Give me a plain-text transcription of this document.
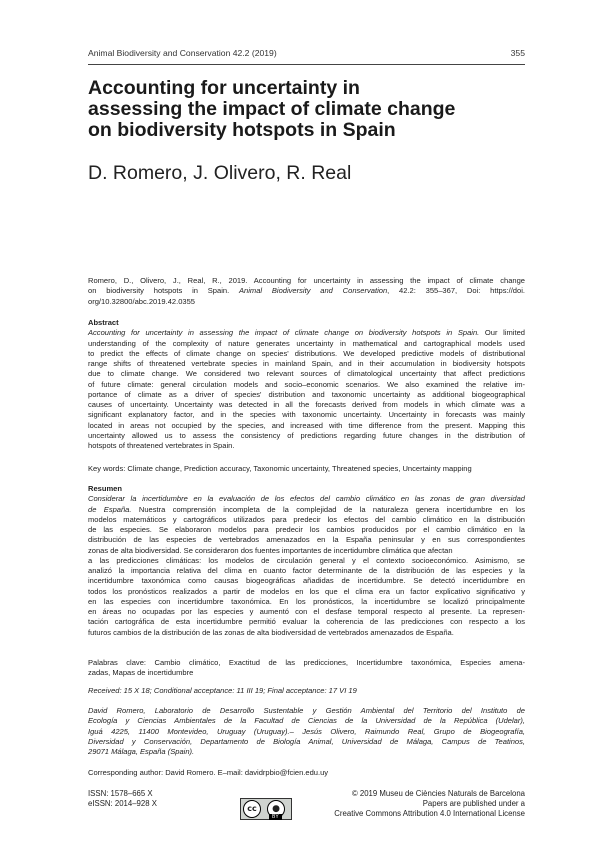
Animal Biodiversity and Conservation 42.2 (2019)	355
Accounting for uncertainty in
assessing the impact of climate change
on biodiversity hotspots in Spain

D. Romero, J. Olivero, R. Real

Romero, D., Olivero, J., Real, R., 2019. Accounting for uncertainty in assessing the impact of climate change
on biodiversity hotspots in Spain. Animal Biodiversity and Conservation, 42.2: 355–367, Doi: https://doi.
org/10.32800/abc.2019.42.0355
Abstract
Accounting for uncertainty in assessing the impact of climate change on biodiversity hotspots in Spain. Our limited
understanding of the complexity of nature generates uncertainty in mathematical and cartographical models used
to predict the effects of climate change on species' distributions. We developed predictive models of distributional
range shifts of threatened vertebrate species in mainland Spain, and in their accumulation in biodiversity hotspots
due to climate change. We considered two relevant sources of climatological uncertainty that affect predictions
of future climate: general circulation models and socio–economic scenarios. We also examined the relative im-
portance of climate as a driver of species' distribution and taxonomic uncertainty as additional biogeographical
causes of uncertainty. Uncertainty was detected in all the forecasts derived from models in which climate was a
significant explanatory factor, and in the species with taxonomic uncertainty. Uncertainty in forecasts was mainly
located in areas not occupied by the species, and increased with time difference from the present. Mapping this
uncertainty allowed us to assess the consistency of predictions regarding future changes in the distribution of
hotspots of threatened vertebrates in Spain.
Key words: Climate change, Prediction accuracy, Taxonomic uncertainty, Threatened species, Uncertainty mapping
Resumen
Considerar la incertidumbre en la evaluación de los efectos del cambio climático en las zonas de gran diversidad
de España. Nuestra comprensión incompleta de la complejidad de la naturaleza genera incertidumbre en los
modelos matemáticos y cartográficos utilizados para predecir los efectos del cambio climático en la distribución
de las especies. Se elaboraron modelos para predecir los cambios producidos por el cambio climático en la
distribución de las especies de vertebrados amenazados en la España peninsular y en sus correspondientes
zonas de alta biodiversidad. Se consideraron dos fuentes importantes de incertidumbre climática que afectan
a las predicciones climáticas: los modelos de circulación general y el contexto socioeconómico. Asimismo, se
analizó la importancia relativa del clima en cuanto factor determinante de la distribución de las especies y la
incertidumbre taxonómica como causas biogeográficas añadidas de incertidumbre. Se detectó incertidumbre en
todos los pronósticos realizados a partir de modelos en los que el clima era un factor explicativo significativo y
en las especies con incertidumbre taxonómica. En los pronósticos, la incertidumbre se localizó principalmente
en áreas no ocupadas por las especies y aumentó con el desfase temporal respecto al presente. La represen-
tación cartográfica de esta incertidumbre permitió evaluar la coherencia de las predicciones con respecto a los
futuros cambios de la distribución de las zonas de alta biodiversidad de vertebrados amenazados de España.
Palabras clave: Cambio climático, Exactitud de las predicciones, Incertidumbre taxonómica, Especies amena-
zadas, Mapas de incertidumbre
Received: 15 X 18; Conditional acceptance: 11 III 19; Final acceptance: 17 VI 19
David Romero, Laboratorio de Desarrollo Sustentable y Gestión Ambiental del Territorio del Instituto de
Ecología y Ciencias Ambientales de la Facultad de Ciencias de la Universidad de la República (Udelar),
Iguá 4225, 11400 Montevideo, Uruguay (Uruguay).– Jesús Olivero, Raimundo Real, Grupo de Biogeografía,
Diversidad y Conservación, Departamento de Biología Animal, Universidad de Málaga, Campus de Teatinos,
29071 Málaga, España (Spain).
Corresponding author: David Romero. E–mail: davidrpbio@fcien.edu.uy
ISSN: 1578–665 X
eISSN: 2014–928 X
cc	●
BY
© 2019 Museu de Ciències Naturals de Barcelona
Papers are published under a
Creative Commons Attribution 4.0 International License
